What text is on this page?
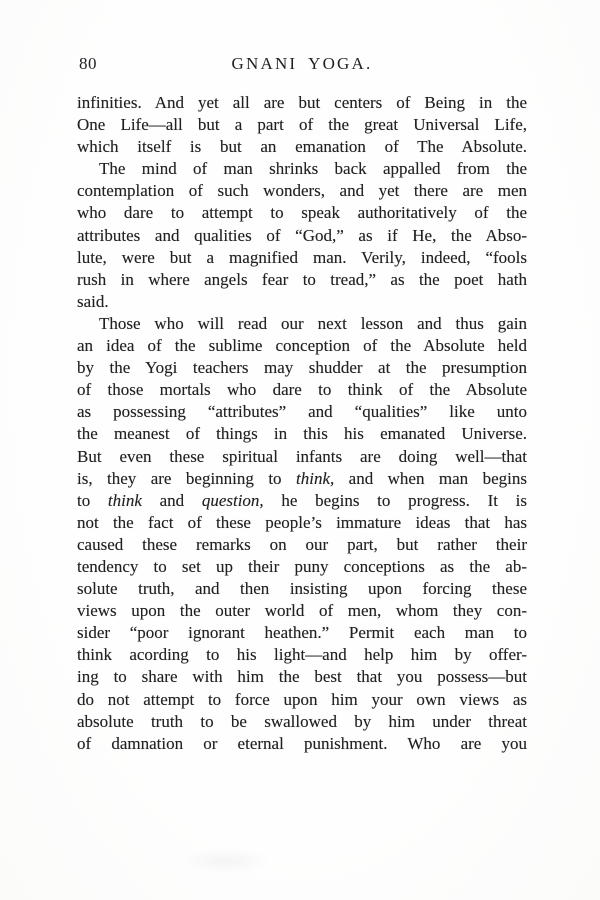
80	GNANI YOGA.
infinities. And yet all are but centers of Being in the
One Life—all but a part of the great Universal Life,
which itself is but an emanation of The Absolute.
The mind of man shrinks back appalled from the
contemplation of such wonders, and yet there are men
who dare to attempt to speak authoritatively of the
attributes and qualities of “God,” as if He, the Abso-
lute, were but a magnified man. Verily, indeed, “fools
rush in where angels fear to tread,” as the poet hath
said.
Those who will read our next lesson and thus gain
an idea of the sublime conception of the Absolute held
by the Yogi teachers may shudder at the presumption
of those mortals who dare to think of the Absolute
as possessing “attributes” and “qualities” like unto
the meanest of things in this his emanated Universe.
But even these spiritual infants are doing well—that
is, they are beginning to think, and when man begins
to think and question, he begins to progress. It is
not the fact of these people’s immature ideas that has
caused these remarks on our part, but rather their
tendency to set up their puny conceptions as the ab-
solute truth, and then insisting upon forcing these
views upon the outer world of men, whom they con-
sider “poor ignorant heathen.” Permit each man to
think acording to his light—and help him by offer-
ing to share with him the best that you possess—but
do not attempt to force upon him your own views as
absolute truth to be swallowed by him under threat
of damnation or eternal punishment. Who are you
